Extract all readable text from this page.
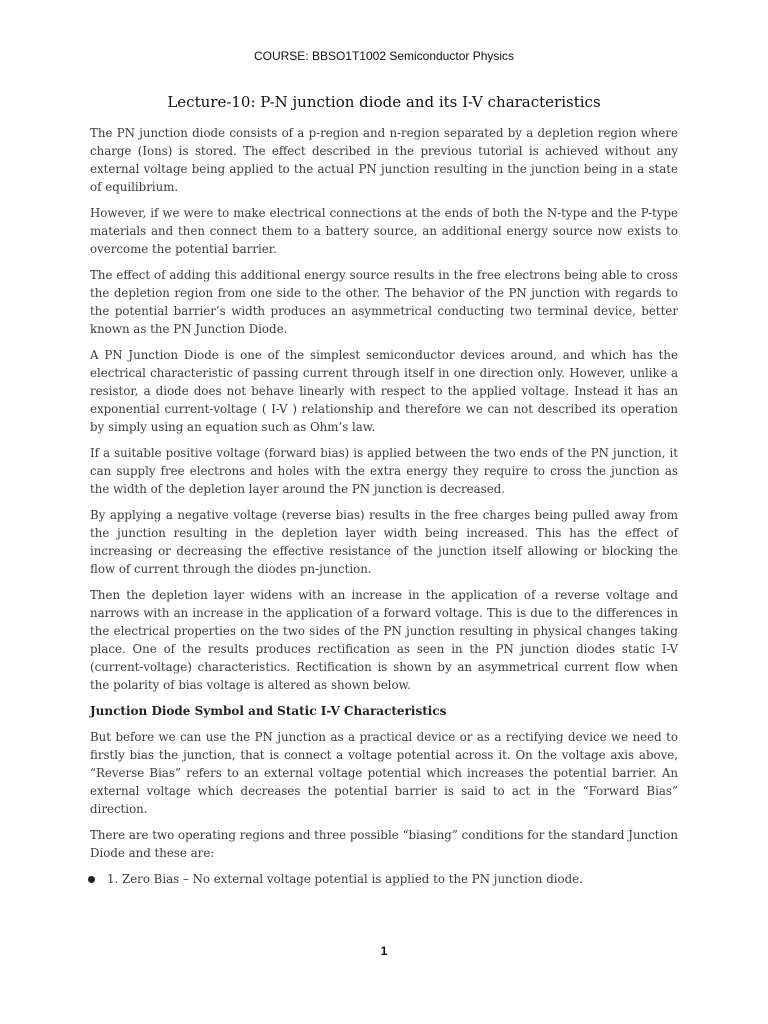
COURSE: BBSO1T1002 Semiconductor Physics
Lecture-10: P-N junction diode and its I-V characteristics

The PN junction diode consists of a p-region and n-region separated by a depletion region where charge (Ions) is stored. The effect described in the previous tutorial is achieved without any external voltage being applied to the actual PN junction resulting in the junction being in a state of equilibrium.

However, if we were to make electrical connections at the ends of both the N-type and the P-type materials and then connect them to a battery source, an additional energy source now exists to overcome the potential barrier.

The effect of adding this additional energy source results in the free electrons being able to cross the depletion region from one side to the other. The behavior of the PN junction with regards to the potential barrier’s width produces an asymmetrical conducting two terminal device, better known as the PN Junction Diode.

A PN Junction Diode is one of the simplest semiconductor devices around, and which has the electrical characteristic of passing current through itself in one direction only. However, unlike a resistor, a diode does not behave linearly with respect to the applied voltage. Instead it has an exponential current-voltage ( I-V ) relationship and therefore we can not described its operation by simply using an equation such as Ohm’s law.

If a suitable positive voltage (forward bias) is applied between the two ends of the PN junction, it can supply free electrons and holes with the extra energy they require to cross the junction as the width of the depletion layer around the PN junction is decreased.

By applying a negative voltage (reverse bias) results in the free charges being pulled away from the junction resulting in the depletion layer width being increased. This has the effect of increasing or decreasing the effective resistance of the junction itself allowing or blocking the flow of current through the diodes pn-junction.

Then the depletion layer widens with an increase in the application of a reverse voltage and narrows with an increase in the application of a forward voltage. This is due to the differences in the electrical properties on the two sides of the PN junction resulting in physical changes taking place. One of the results produces rectification as seen in the PN junction diodes static I-V (current-voltage) characteristics. Rectification is shown by an asymmetrical current flow when the polarity of bias voltage is altered as shown below.

Junction Diode Symbol and Static I-V Characteristics

But before we can use the PN junction as a practical device or as a rectifying device we need to firstly bias the junction, that is connect a voltage potential across it. On the voltage axis above, “Reverse Bias” refers to an external voltage potential which increases the potential barrier. An external voltage which decreases the potential barrier is said to act in the “Forward Bias” direction.

There are two operating regions and three possible “biasing” conditions for the standard Junction Diode and these are:

1. Zero Bias – No external voltage potential is applied to the PN junction diode.
1
